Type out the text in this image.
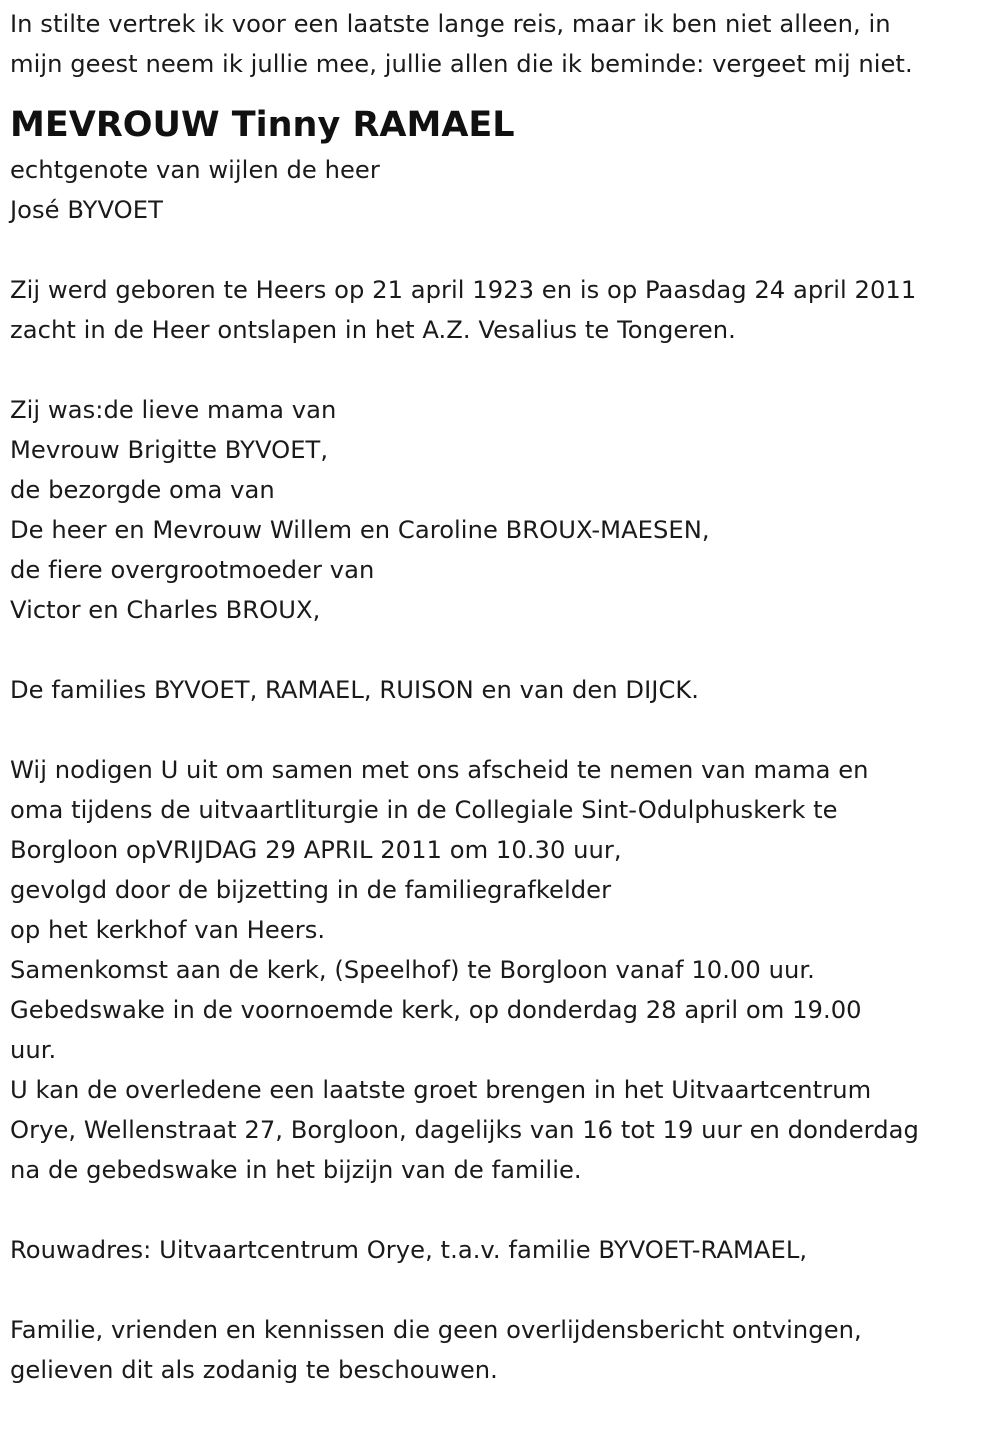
In stilte vertrek ik voor een laatste lange reis, maar ik ben niet alleen, in
mijn geest neem ik jullie mee, jullie allen die ik beminde: vergeet mij niet.
MEVROUW Tinny RAMAEL
echtgenote van wijlen de heer
José BYVOET
Zij werd geboren te Heers op 21 april 1923 en is op Paasdag 24 april 2011
zacht in de Heer ontslapen in het A.Z. Vesalius te Tongeren.
Zij was:de lieve mama van
Mevrouw Brigitte BYVOET,
de bezorgde oma van
De heer en Mevrouw Willem en Caroline BROUX-MAESEN,
de fiere overgrootmoeder van
Victor en Charles BROUX,
De families BYVOET, RAMAEL, RUISON en van den DIJCK.
Wij nodigen U uit om samen met ons afscheid te nemen van mama en
oma tijdens de uitvaartliturgie in de Collegiale Sint-Odulphuskerk te
Borgloon opVRIJDAG 29 APRIL 2011 om 10.30 uur,
gevolgd door de bijzetting in de familiegrafkelder
op het kerkhof van Heers.
Samenkomst aan de kerk, (Speelhof) te Borgloon vanaf 10.00 uur.
Gebedswake in de voornoemde kerk, op donderdag 28 april om 19.00
uur.
U kan de overledene een laatste groet brengen in het Uitvaartcentrum
Orye, Wellenstraat 27, Borgloon, dagelijks van 16 tot 19 uur en donderdag
na de gebedswake in het bijzijn van de familie.
Rouwadres: Uitvaartcentrum Orye, t.a.v. familie BYVOET-RAMAEL,
Familie, vrienden en kennissen die geen overlijdensbericht ontvingen,
gelieven dit als zodanig te beschouwen.
